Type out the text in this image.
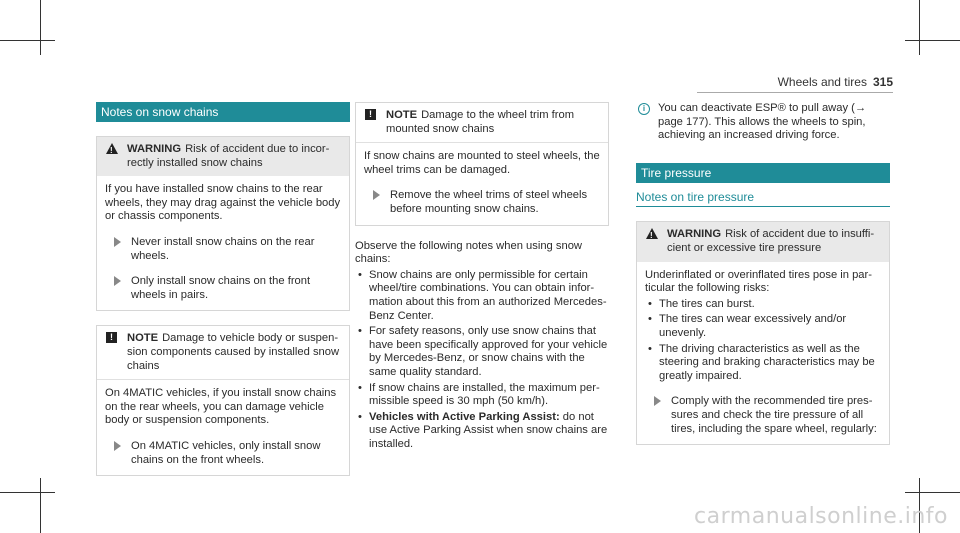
Wheels and tires 315
Notes on snow chains
!
WARNING Risk of accident due to incorrectly installed snow chains
If you have installed snow chains to the rear wheels, they may drag against the vehicle body or chassis components.
Never install snow chains on the rear wheels.
Only install snow chains on the front wheels in pairs.
!	NOTE Damage to vehicle body or suspension components caused by installed snow chains
On 4MATIC vehicles, if you install snow chains on the rear wheels, you can damage vehicle body or suspension components.
On 4MATIC vehicles, only install snow chains on the front wheels.
!	NOTE Damage to the wheel trim from mounted snow chains
If snow chains are mounted to steel wheels, the wheel trims can be damaged.
Remove the wheel trims of steel wheels before mounting snow chains.
Observe the following notes when using snow chains:
• Snow chains are only permissible for certain wheel/tire combinations. You can obtain information about this from an authorized Mercedes-Benz Center.
• For safety reasons, only use snow chains that have been specifically approved for your vehicle by Mercedes-Benz, or snow chains with the same quality standard.
• If snow chains are installed, the maximum permissible speed is 30 mph (50 km/h).
• Vehicles with Active Parking Assist: do not use Active Parking Assist when snow chains are installed.
i	You can deactivate ESP® to pull away (→ page 177). This allows the wheels to spin, achieving an increased driving force.
Tire pressure
Notes on tire pressure
!
WARNING Risk of accident due to insufficient or excessive tire pressure
Underinflated or overinflated tires pose in particular the following risks:
• The tires can burst.
• The tires can wear excessively and/or unevenly.
• The driving characteristics as well as the steering and braking characteristics may be greatly impaired.
Comply with the recommended tire pressures and check the tire pressure of all tires, including the spare wheel, regularly:
carmanualsonline.info
